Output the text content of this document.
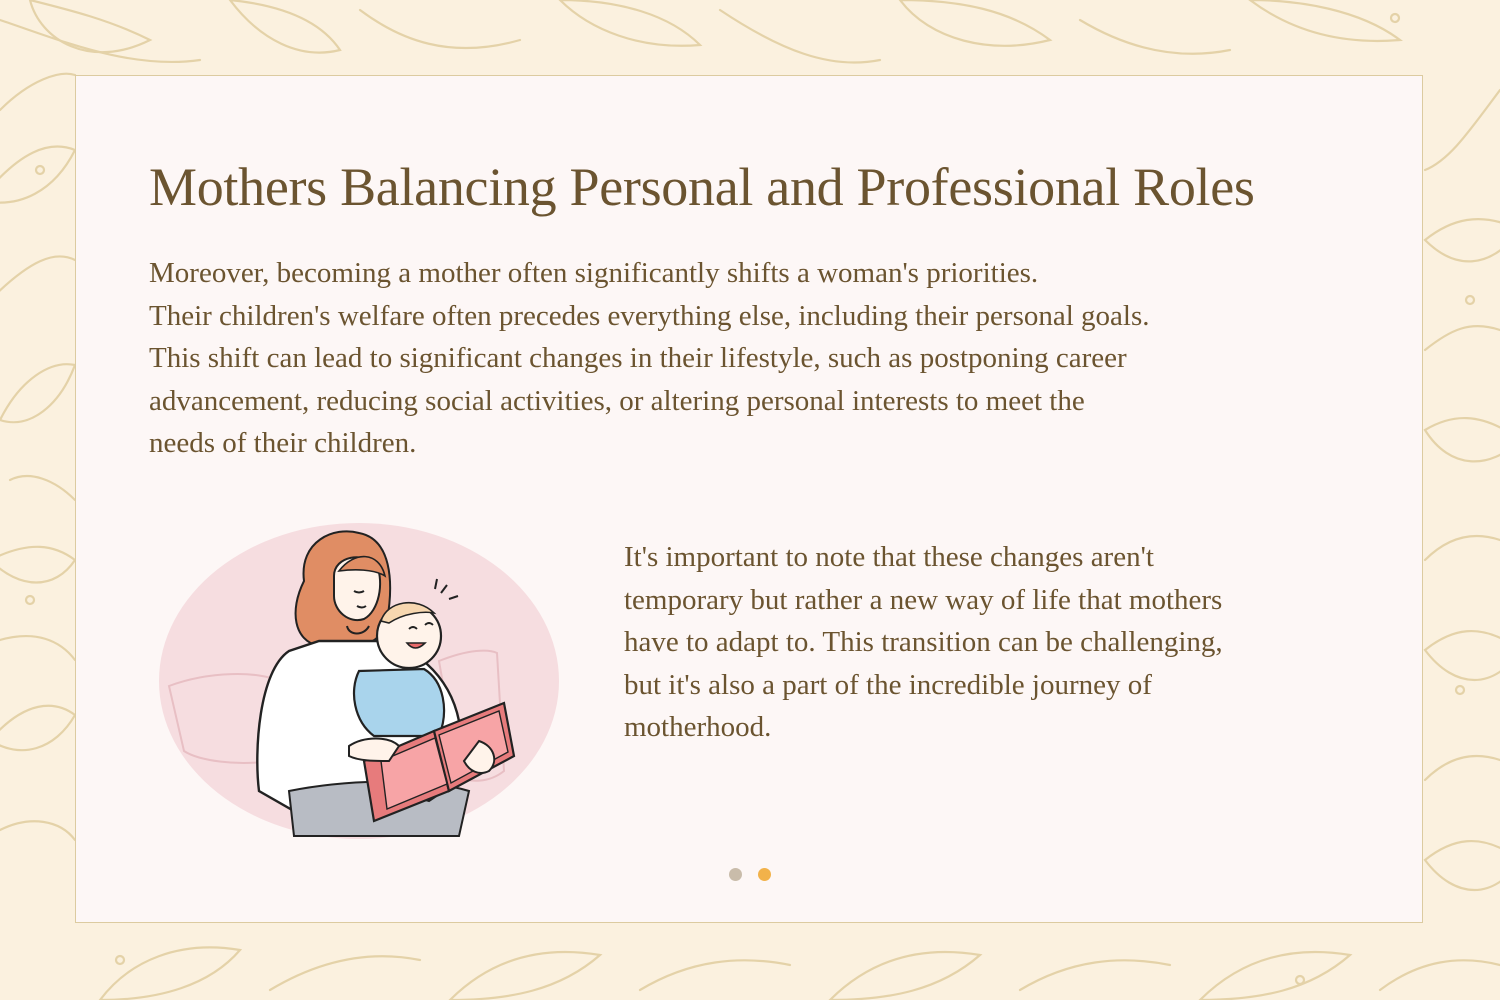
Mothers Balancing Personal and Professional Roles
Moreover, becoming a mother often significantly shifts a woman's priorities.
Their children's welfare often precedes everything else, including their personal goals.
This shift can lead to significant changes in their lifestyle, such as postponing career
advancement, reducing social activities, or altering personal interests to meet the
needs of their children.
It's important to note that these changes aren't
temporary but rather a new way of life that mothers
have to adapt to. This transition can be challenging,
but it's also a part of the incredible journey of
motherhood.
